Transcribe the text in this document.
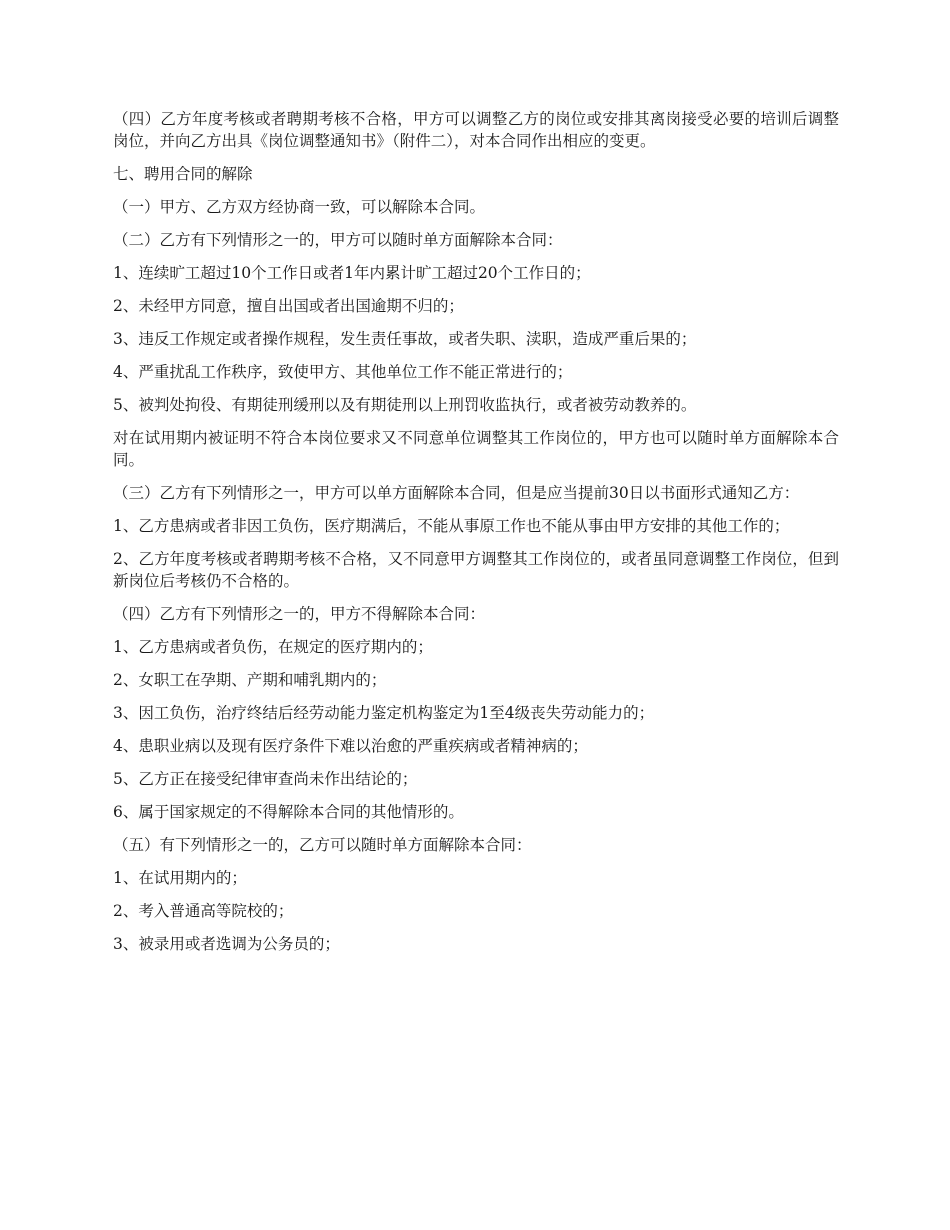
（四）乙方年度考核或者聘期考核不合格，甲方可以调整乙方的岗位或安排其离岗接受必要的培训后调整岗位，并向乙方出具《岗位调整通知书》（附件二），对本合同作出相应的变更。

七、聘用合同的解除

（一）甲方、乙方双方经协商一致，可以解除本合同。

（二）乙方有下列情形之一的，甲方可以随时单方面解除本合同：

1、连续旷工超过10个工作日或者1年内累计旷工超过20个工作日的；

2、未经甲方同意，擅自出国或者出国逾期不归的；

3、违反工作规定或者操作规程，发生责任事故，或者失职、渎职，造成严重后果的；

4、严重扰乱工作秩序，致使甲方、其他单位工作不能正常进行的；

5、被判处拘役、有期徒刑缓刑以及有期徒刑以上刑罚收监执行，或者被劳动教养的。

对在试用期内被证明不符合本岗位要求又不同意单位调整其工作岗位的，甲方也可以随时单方面解除本合同。

（三）乙方有下列情形之一，甲方可以单方面解除本合同，但是应当提前30日以书面形式通知乙方：

1、乙方患病或者非因工负伤，医疗期满后，不能从事原工作也不能从事由甲方安排的其他工作的；

2、乙方年度考核或者聘期考核不合格，又不同意甲方调整其工作岗位的，或者虽同意调整工作岗位，但到新岗位后考核仍不合格的。

（四）乙方有下列情形之一的，甲方不得解除本合同：

1、乙方患病或者负伤，在规定的医疗期内的；

2、女职工在孕期、产期和哺乳期内的；

3、因工负伤，治疗终结后经劳动能力鉴定机构鉴定为1至4级丧失劳动能力的；

4、患职业病以及现有医疗条件下难以治愈的严重疾病或者精神病的；

5、乙方正在接受纪律审查尚未作出结论的；

6、属于国家规定的不得解除本合同的其他情形的。

（五）有下列情形之一的，乙方可以随时单方面解除本合同：

1、在试用期内的；

2、考入普通高等院校的；

3、被录用或者选调为公务员的；
